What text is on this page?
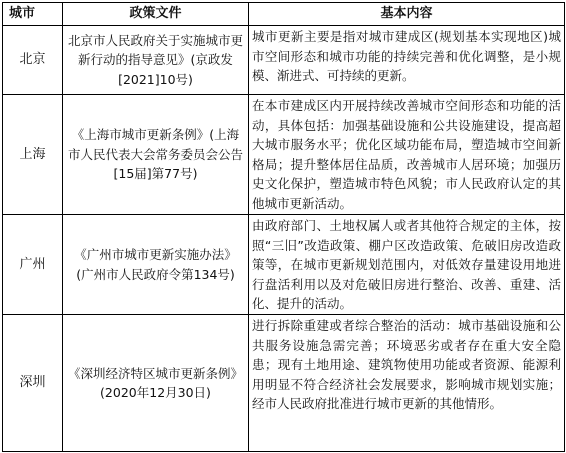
城市	政策文件	基本内容
北京	北京市人民政府关于实施城市更新行动的指导意见》(京政发[2021]10号)	城市更新主要是指对城市建成区(规划基本实现地区)城市空间形态和城市功能的持续完善和优化调整，是小规模、渐进式、可持续的更新。
上海	《上海市城市更新条例》(上海市人民代表大会常务委员会公告[15届]第77号)	在本市建成区内开展持续改善城市空间形态和功能的活动，具体包括：加强基础设施和公共设施建设，提高超大城市服务水平；优化区域功能布局，塑造城市空间新格局；提升整体居住品质，改善城市人居环境；加强历史文化保护，塑造城市特色风貌；市人民政府认定的其他城市更新活动。
广州	《广州市城市更新实施办法》(广州市人民政府令第134号)	由政府部门、土地权属人或者其他符合规定的主体，按照“三旧”改造政策、棚户区改造政策、危破旧房改造政策等，在城市更新规划范围内，对低效存量建设用地进行盘活利用以及对危破旧房进行整治、改善、重建、活化、提升的活动。
深圳	《深圳经济特区城市更新条例》(2020年12月30日)	进行拆除重建或者综合整治的活动：城市基础设施和公共服务设施急需完善；环境恶劣或者存在重大安全隐患；现有土地用途、建筑物使用功能或者资源、能源利用明显不符合经济社会发展要求，影响城市规划实施；经市人民政府批准进行城市更新的其他情形。
